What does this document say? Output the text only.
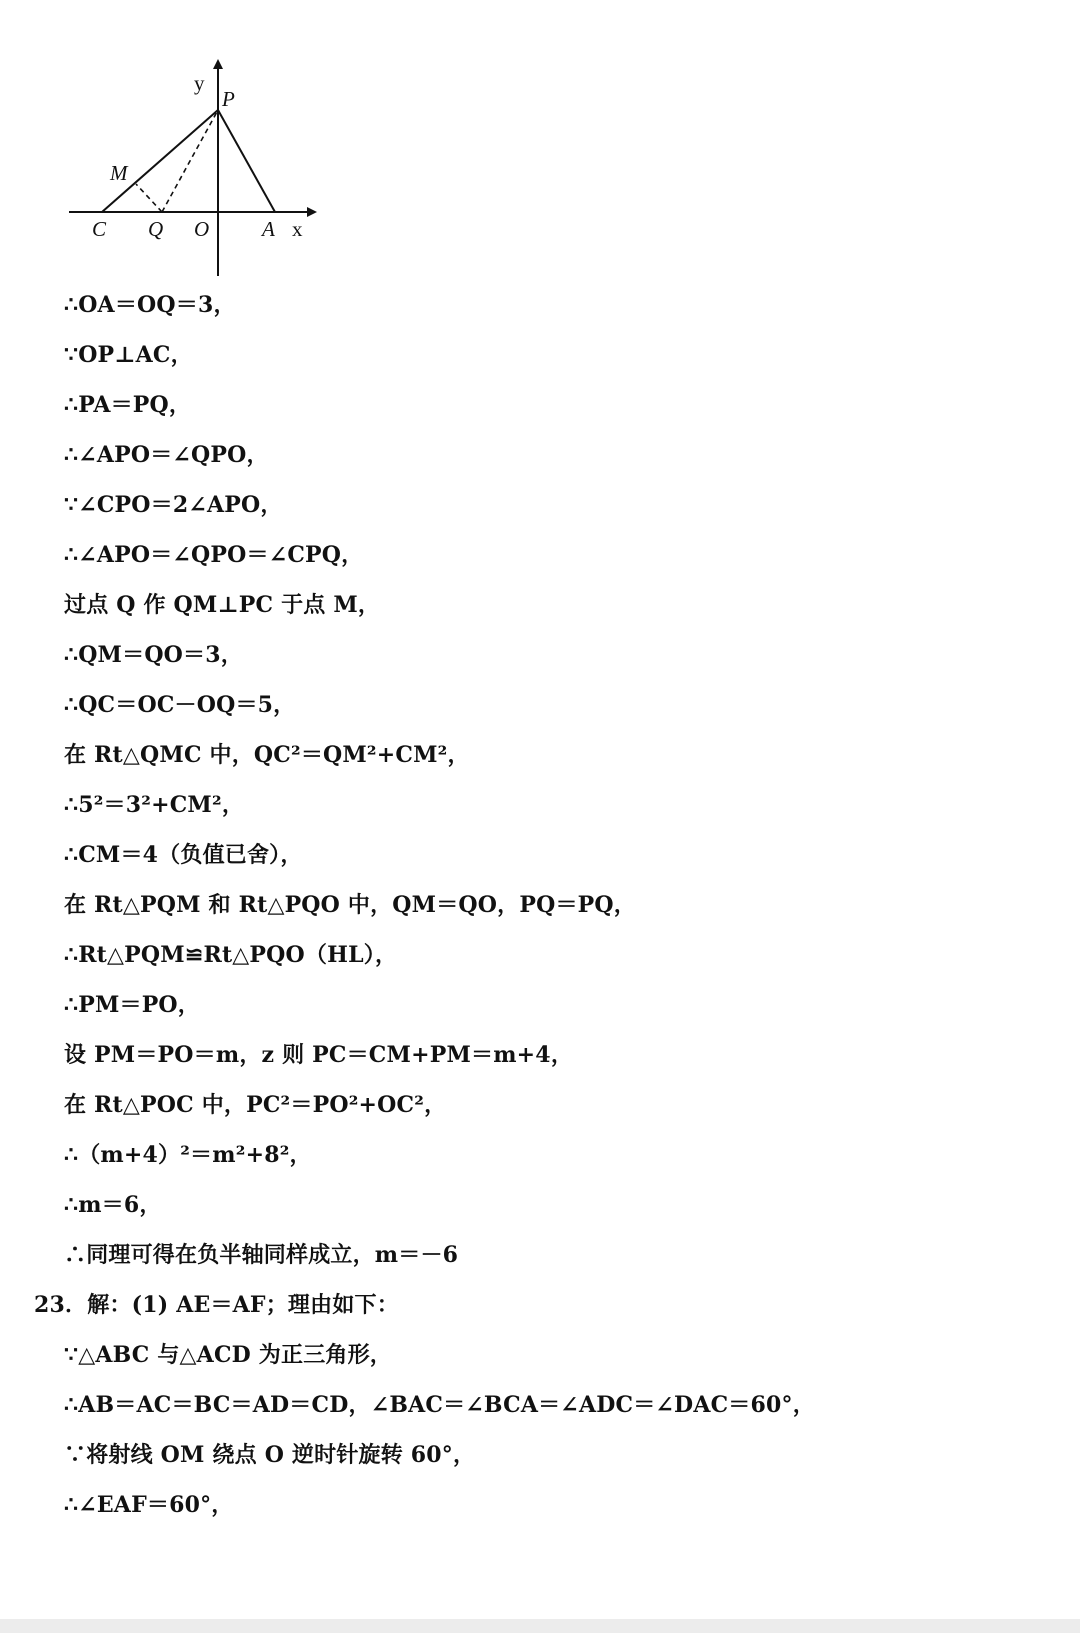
y
P
M
C Q O	A x
∴OA＝OQ＝3，
∵OP⊥AC，
∴PA＝PQ，
∴∠APO＝∠QPO，
∵∠CPO＝2∠APO，
∴∠APO＝∠QPO＝∠CPQ，
过点 Q 作 QM⊥PC 于点 M，
∴QM＝QO＝3，
∴QC＝OC－OQ＝5，
在 Rt△QMC 中，QC²＝QM²+CM²，
∴5²＝3²+CM²，
∴CM＝4（负值已舍），
在 Rt△PQM 和 Rt△PQO 中，QM＝QO，PQ＝PQ，
∴Rt△PQM≌Rt△PQO（HL），
∴PM＝PO，
设 PM＝PO＝m，z 则 PC＝CM+PM＝m+4，
在 Rt△POC 中，PC²＝PO²+OC²，
∴（m+4）²＝m²+8²，
∴m＝6，
∴同理可得在负半轴同样成立，m＝－6
23．解：(1) AE＝AF；理由如下：
∵△ABC 与△ACD 为正三角形，
∴AB＝AC＝BC＝AD＝CD，∠BAC＝∠BCA＝∠ADC＝∠DAC＝60°，
∵将射线 OM 绕点 O 逆时针旋转 60°，
∴∠EAF＝60°，
